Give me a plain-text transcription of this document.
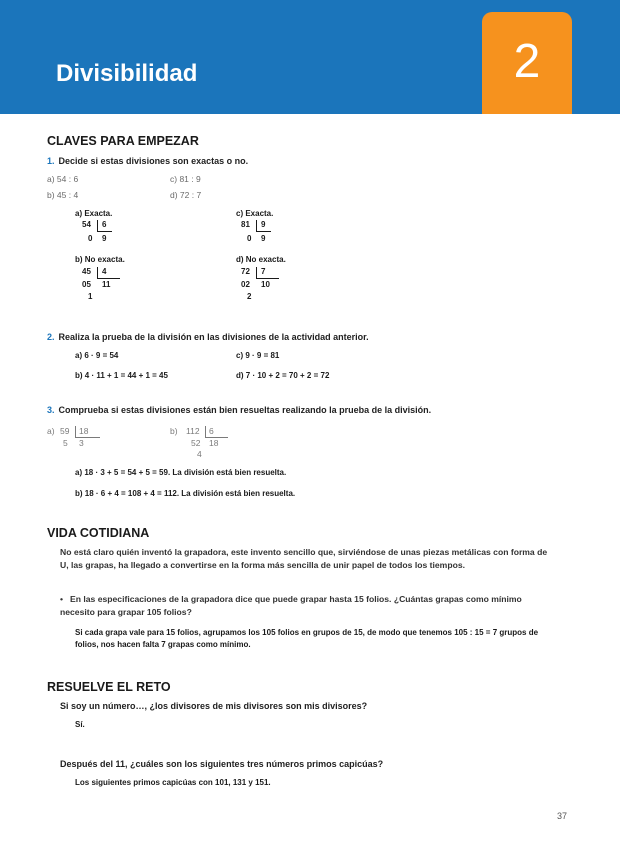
Divisibilidad	2
CLAVES PARA EMPEZAR
1. Decide si estas divisiones son exactas o no.
a) 54 : 6	c) 81 : 9
b) 45 : 4	d) 72 : 7
a) Exacta.
54 6
0 9
c) Exacta.
81 9
0 9
b) No exacta.
45 4
05 11
1
d) No exacta.
72 7
02 10
2
2. Realiza la prueba de la división en las divisiones de la actividad anterior.
a) 6 · 9 = 54	c) 9 · 9 = 81
b) 4 · 11 + 1 = 44 + 1 = 45	d) 7 · 10 + 2 = 70 + 2 = 72
3. Comprueba si estas divisiones están bien resueltas realizando la prueba de la división.
a) 59 18
5 3
b) 112 6
52 18
4
a) 18 · 3 + 5 = 54 + 5 = 59. La división está bien resuelta.
b) 18 · 6 + 4 = 108 + 4 = 112. La división está bien resuelta.
VIDA COTIDIANA
No está claro quién inventó la grapadora, este invento sencillo que, sirviéndose de unas piezas metálicas con forma de U, las grapas, ha llegado a convertirse en la forma más sencilla de unir papel de todos los tiempos.
• En las especificaciones de la grapadora dice que puede grapar hasta 15 folios. ¿Cuántas grapas como mínimo necesito para grapar 105 folios?
Si cada grapa vale para 15 folios, agrupamos los 105 folios en grupos de 15, de modo que tenemos 105 : 15 = 7 grupos de folios, nos hacen falta 7 grapas como mínimo.
RESUELVE EL RETO
Si soy un número…, ¿los divisores de mis divisores son mis divisores?
Sí.
Después del 11, ¿cuáles son los siguientes tres números primos capicúas?
Los siguientes primos capicúas con 101, 131 y 151.
37
